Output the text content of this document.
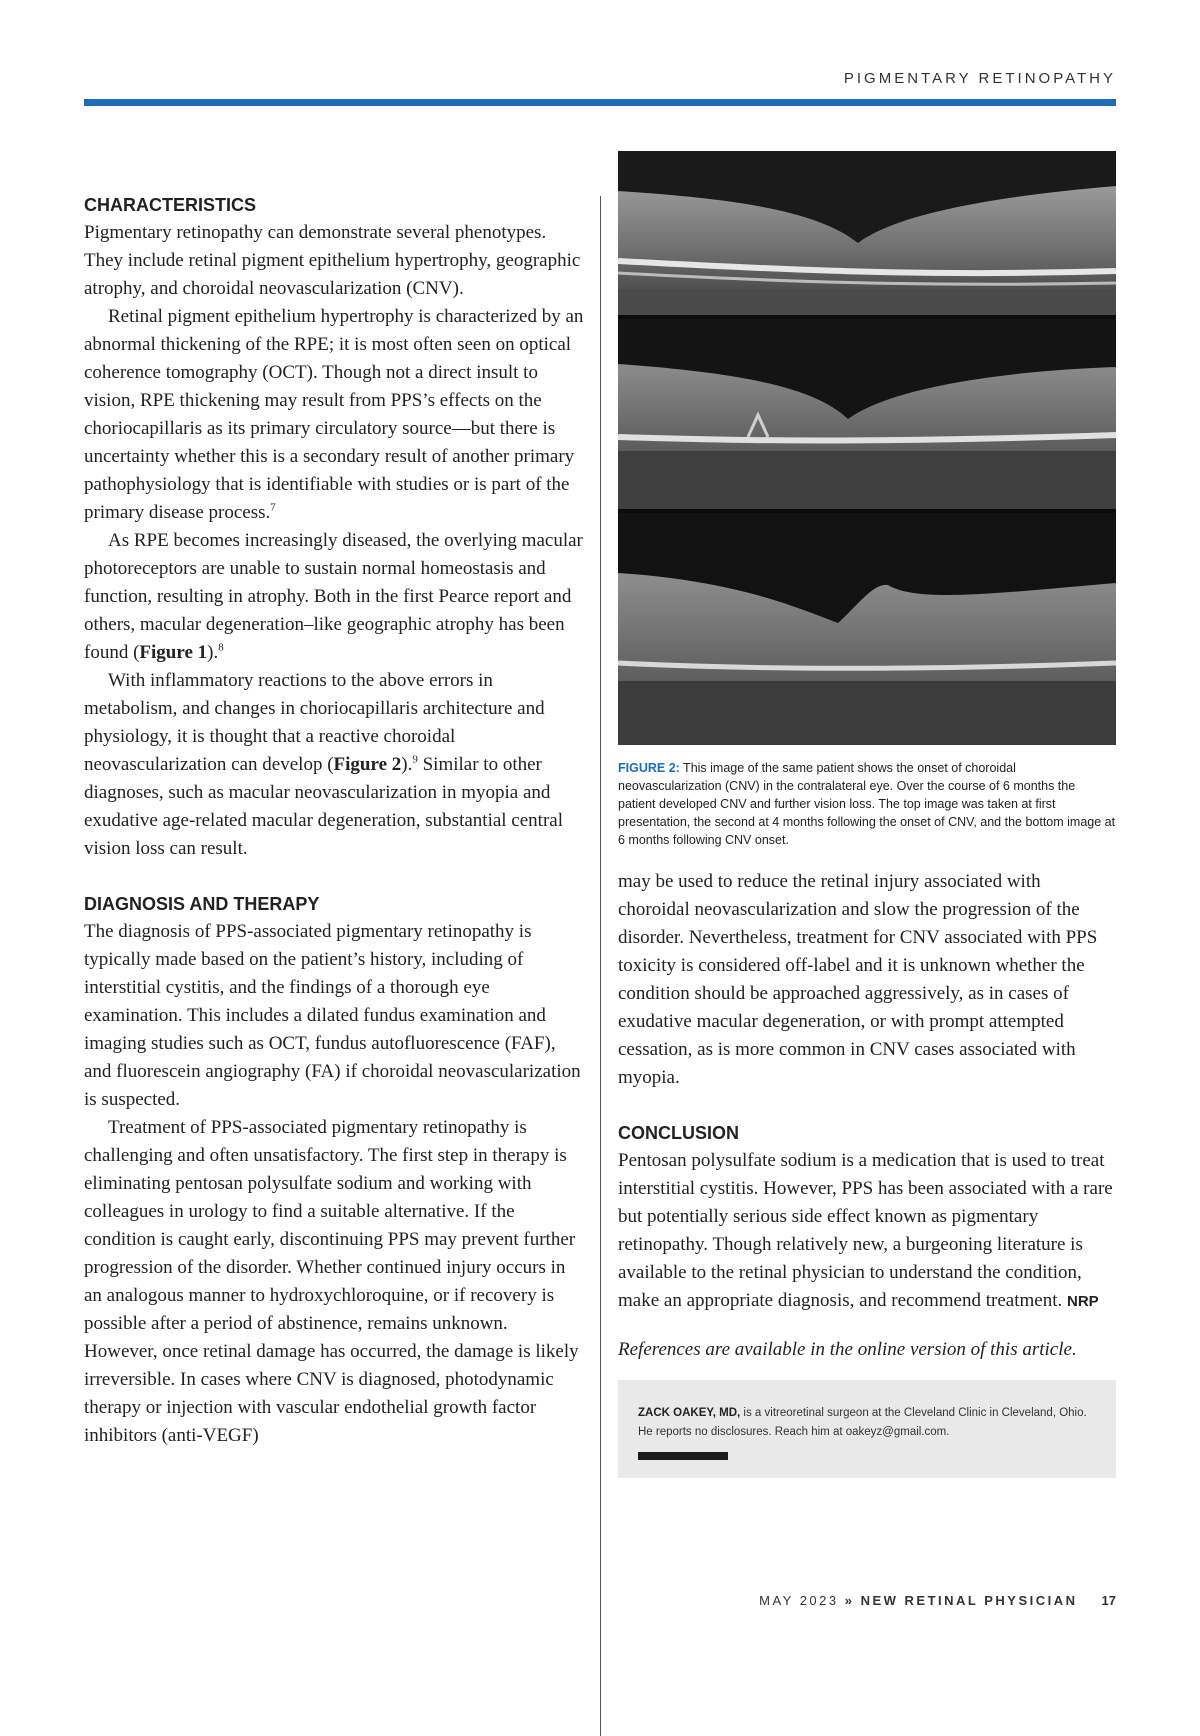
PIGMENTARY RETINOPATHY
CHARACTERISTICS

Pigmentary retinopathy can demonstrate several phenotypes. They include retinal pigment epithelium hypertrophy, geographic atrophy, and choroidal neovascularization (CNV).

Retinal pigment epithelium hypertrophy is characterized by an abnormal thickening of the RPE; it is most often seen on optical coherence tomography (OCT). Though not a direct insult to vision, RPE thickening may result from PPS’s effects on the choriocapillaris as its primary circulatory source—but there is uncertainty whether this is a secondary result of another primary pathophysiology that is identifiable with studies or is part of the primary disease process.$^7$

As RPE becomes increasingly diseased, the overlying macular photoreceptors are unable to sustain normal homeostasis and function, resulting in atrophy. Both in the first Pearce report and others, macular degeneration–like geographic atrophy has been found (Figure 1).$^8$

With inflammatory reactions to the above errors in metabolism, and changes in choriocapillaris architecture and physiology, it is thought that a reactive choroidal neovascularization can develop (Figure 2).$^9$ Similar to other diagnoses, such as macular neovascularization in myopia and exudative age-related macular degeneration, substantial central vision loss can result.

DIAGNOSIS AND THERAPY

The diagnosis of PPS-associated pigmentary retinopathy is typically made based on the patient’s history, including of interstitial cystitis, and the findings of a thorough eye examination. This includes a dilated fundus examination and imaging studies such as OCT, fundus autofluorescence (FAF), and fluorescein angiography (FA) if choroidal neovascularization is suspected.

Treatment of PPS-associated pigmentary retinopathy is challenging and often unsatisfactory. The first step in therapy is eliminating pentosan polysulfate sodium and working with colleagues in urology to find a suitable alternative. If the condition is caught early, discontinuing PPS may prevent further progression of the disorder. Whether continued injury occurs in an analogous manner to hydroxychloroquine, or if recovery is possible after a period of abstinence, remains unknown. However, once retinal damage has occurred, the damage is likely irreversible. In cases where CNV is diagnosed, photodynamic therapy or injection with vascular endothelial growth factor inhibitors (anti-VEGF)

FIGURE 2: This image of the same patient shows the onset of choroidal neovascularization (CNV) in the contralateral eye. Over the course of 6 months the patient developed CNV and further vision loss. The top image was taken at first presentation, the second at 4 months following the onset of CNV, and the bottom image at 6 months following CNV onset.

may be used to reduce the retinal injury associated with choroidal neovascularization and slow the progression of the disorder. Nevertheless, treatment for CNV associated with PPS toxicity is considered off-label and it is unknown whether the condition should be approached aggressively, as in cases of exudative macular degeneration, or with prompt attempted cessation, as is more common in CNV cases associated with myopia.

CONCLUSION

Pentosan polysulfate sodium is a medication that is used to treat interstitial cystitis. However, PPS has been associated with a rare but potentially serious side effect known as pigmentary retinopathy. Though relatively new, a burgeoning literature is available to the retinal physician to understand the condition, make an appropriate diagnosis, and recommend treatment. NRP

References are available in the online version of this article.

ZACK OAKEY, MD, is a vitreoretinal surgeon at the Cleveland Clinic in Cleveland, Ohio. He reports no disclosures. Reach him at oakeyz@gmail.com.
MAY 2023 » NEW RETINAL PHYSICIAN 17
